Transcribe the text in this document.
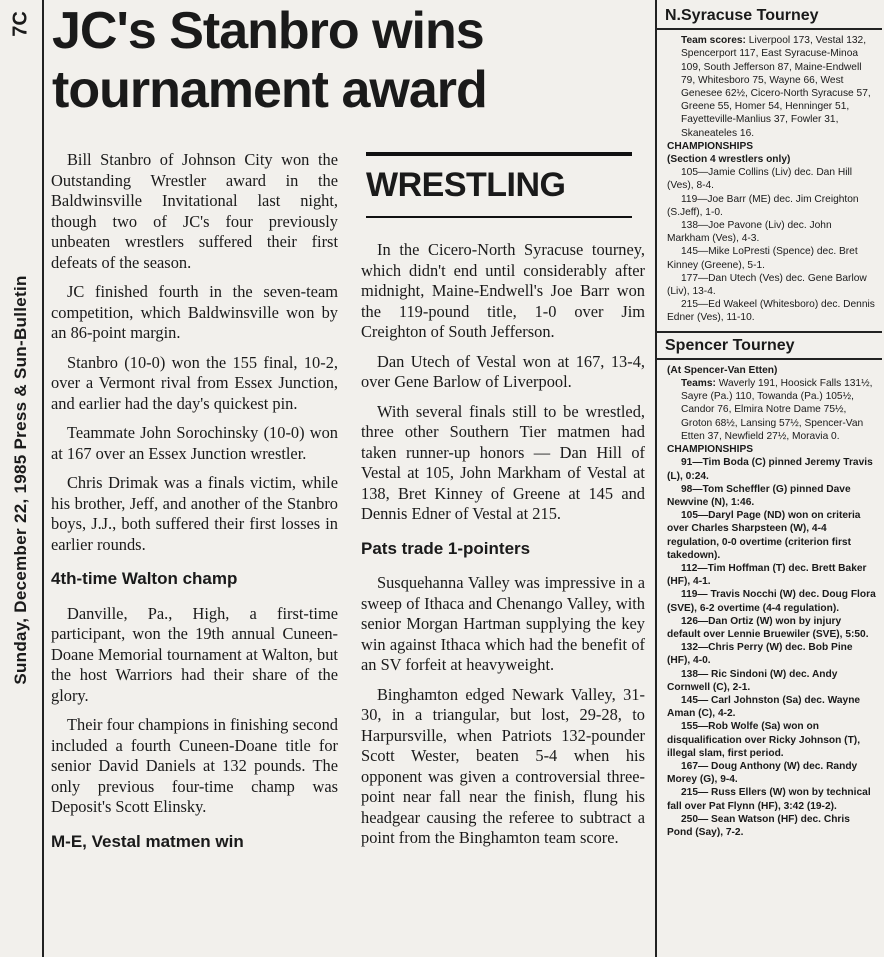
7C
Sunday, December 22, 1985 Press & Sun-Bulletin
JC's Stanbro wins tournament award

Bill Stanbro of Johnson City won the Outstanding Wrestler award in the Baldwinsville Invitational last night, though two of JC's four previously unbeaten wrestlers suffered their first defeats of the season.

JC finished fourth in the seven-team competition, which Baldwinsville won by an 86-point margin.

Stanbro (10-0) won the 155 final, 10-2, over a Vermont rival from Essex Junction, and earlier had the day's quickest pin.

Teammate John Sorochinsky (10-0) won at 167 over an Essex Junction wrestler.

Chris Drimak was a finals victim, while his brother, Jeff, and another of the Stanbro boys, J.J., both suffered their first losses in earlier rounds.

4th-time Walton champ

Danville, Pa., High, a first-time participant, won the 19th annual Cuneen-Doane Memorial tournament at Walton, but the host Warriors had their share of the glory.

Their four champions in finishing second included a fourth Cuneen-Doane title for senior David Daniels at 132 pounds. The only previous four-time champ was Deposit's Scott Elinsky.

M-E, Vestal matmen win
WRESTLING

In the Cicero-North Syracuse tourney, which didn't end until considerably after midnight, Maine-Endwell's Joe Barr won the 119-pound title, 1-0 over Jim Creighton of South Jefferson.

Dan Utech of Vestal won at 167, 13-4, over Gene Barlow of Liverpool.

With several finals still to be wrestled, three other Southern Tier matmen had taken runner-up honors — Dan Hill of Vestal at 105, John Markham of Vestal at 138, Bret Kinney of Greene at 145 and Dennis Edner of Vestal at 215.

Pats trade 1-pointers

Susquehanna Valley was impressive in a sweep of Ithaca and Chenango Valley, with senior Morgan Hartman supplying the key win against Ithaca which had the benefit of an SV forfeit at heavyweight.

Binghamton edged Newark Valley, 31-30, in a triangular, but lost, 29-28, to Harpursville, when Patriots 132-pounder Scott Wester, beaten 5-4 when his opponent was given a controversial three-point near fall near the finish, flung his headgear causing the referee to subtract a point from the Binghamton team score.

N.Syracuse Tourney
Team scores: Liverpool 173, Vestal 132, Spencerport 117, East Syracuse-Minoa 109, South Jefferson 87, Maine-Endwell 79, Whitesboro 75, Wayne 66, West Genesee 62½, Cicero-North Syracuse 57, Greene 55, Homer 54, Henninger 51, Fayetteville-Manlius 37, Fowler 31, Skaneateles 16.
CHAMPIONSHIPS
(Section 4 wrestlers only)
105—Jamie Collins (Liv) dec. Dan Hill (Ves), 8-4.
119—Joe Barr (ME) dec. Jim Creighton (S.Jeff), 1-0.
138—Joe Pavone (Liv) dec. John Markham (Ves), 4-3.
145—Mike LoPresti (Spence) dec. Bret Kinney (Greene), 5-1.
177—Dan Utech (Ves) dec. Gene Barlow (Liv), 13-4.
215—Ed Wakeel (Whitesboro) dec. Dennis Edner (Ves), 11-10.
Spencer Tourney
(At Spencer-Van Etten)
Teams: Waverly 191, Hoosick Falls 131½, Sayre (Pa.) 110, Towanda (Pa.) 105½, Candor 76, Elmira Notre Dame 75½, Groton 68½, Lansing 57½, Spencer-Van Etten 37, Newfield 27½, Moravia 0.
CHAMPIONSHIPS
91—Tim Boda (C) pinned Jeremy Travis (L), 0:24.
98—Tom Scheffler (G) pinned Dave Newvine (N), 1:46.
105—Daryl Page (ND) won on criteria over Charles Sharpsteen (W), 4-4 regulation, 0-0 overtime (criterion first takedown).
112—Tim Hoffman (T) dec. Brett Baker (HF), 4-1.
119— Travis Nocchi (W) dec. Doug Flora (SVE), 6-2 overtime (4-4 regulation).
126—Dan Ortiz (W) won by injury default over Lennie Bruewiler (SVE), 5:50.
132—Chris Perry (W) dec. Bob Pine (HF), 4-0.
138— Ric Sindoni (W) dec. Andy Cornwell (C), 2-1.
145— Carl Johnston (Sa) dec. Wayne Aman (C), 4-2.
155—Rob Wolfe (Sa) won on disqualification over Ricky Johnson (T), illegal slam, first period.
167— Doug Anthony (W) dec. Randy Morey (G), 9-4.
215— Russ Ellers (W) won by technical fall over Pat Flynn (HF), 3:42 (19-2).
250— Sean Watson (HF) dec. Chris Pond (Say), 7-2.
